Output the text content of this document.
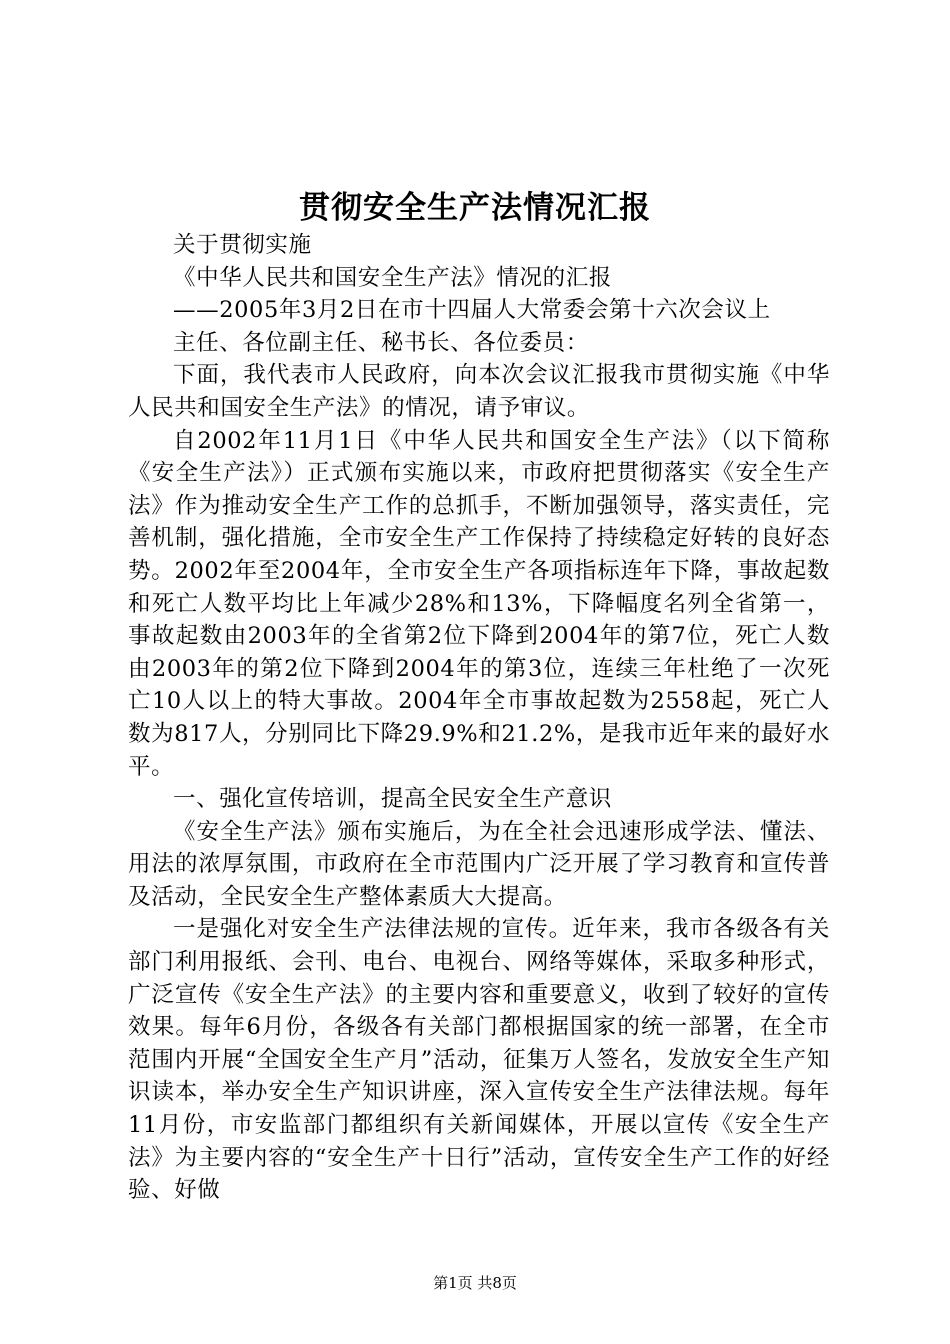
贯彻安全生产法情况汇报

关于贯彻实施

《中华人民共和国安全生产法》情况的汇报

——2005年3月2日在市十四届人大常委会第十六次会议上

主任、各位副主任、秘书长、各位委员：

下面，我代表市人民政府，向本次会议汇报我市贯彻实施《中华人民共和国安全生产法》的情况，请予审议。

自2002年11月1日《中华人民共和国安全生产法》（以下简称《安全生产法》）正式颁布实施以来，市政府把贯彻落实《安全生产法》作为推动安全生产工作的总抓手，不断加强领导，落实责任，完善机制，强化措施，全市安全生产工作保持了持续稳定好转的良好态势。2002年至2004年，全市安全生产各项指标连年下降，事故起数和死亡人数平均比上年减少28%和13%，下降幅度名列全省第一，事故起数由2003年的全省第2位下降到2004年的第7位，死亡人数由2003年的第2位下降到2004年的第3位，连续三年杜绝了一次死亡10人以上的特大事故。2004年全市事故起数为2558起，死亡人数为817人，分别同比下降29.9%和21.2%，是我市近年来的最好水平。

一、强化宣传培训，提高全民安全生产意识

《安全生产法》颁布实施后，为在全社会迅速形成学法、懂法、用法的浓厚氛围，市政府在全市范围内广泛开展了学习教育和宣传普及活动，全民安全生产整体素质大大提高。

一是强化对安全生产法律法规的宣传。近年来，我市各级各有关部门利用报纸、会刊、电台、电视台、网络等媒体，采取多种形式，广泛宣传《安全生产法》的主要内容和重要意义，收到了较好的宣传效果。每年6月份，各级各有关部门都根据国家的统一部署，在全市范围内开展“全国安全生产月”活动，征集万人签名，发放安全生产知识读本，举办安全生产知识讲座，深入宣传安全生产法律法规。每年11月份，市安监部门都组织有关新闻媒体，开展以宣传《安全生产法》为主要内容的“安全生产十日行”活动，宣传安全生产工作的好经验、好做

第1页 共8页
